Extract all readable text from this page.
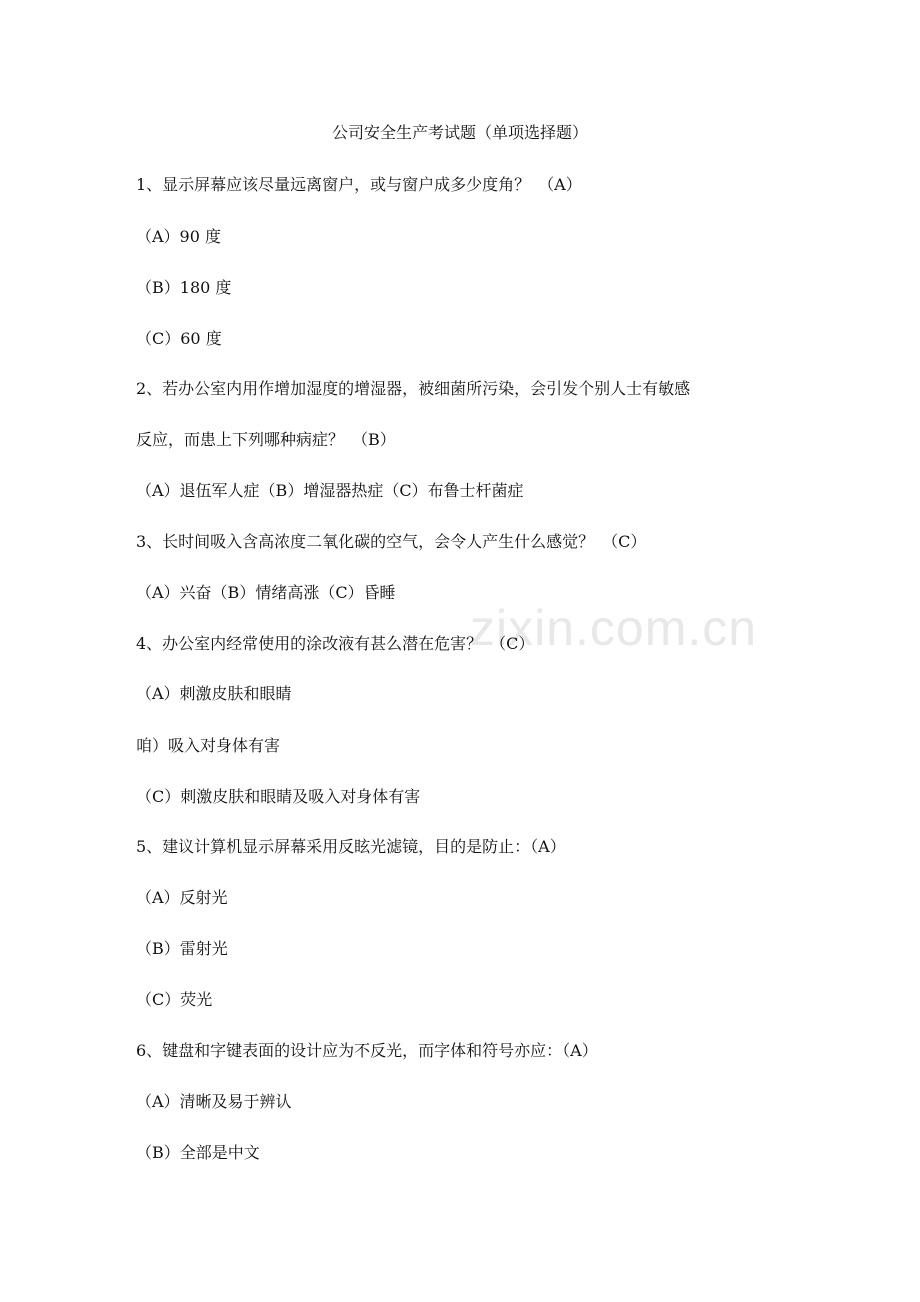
zixin.com.cn
公司安全生产考试题（单项选择题）
1、显示屏幕应该尽量远离窗户，或与窗户成多少度角？　（A）
（A）90 度
（B）180 度
（C）60 度
2、若办公室内用作增加湿度的增湿器，被细菌所污染，会引发个别人士有敏感
反应，而患上下列哪种病症？　（B）
（A）退伍军人症（B）增湿器热症（C）布鲁士杆菌症
3、长时间吸入含高浓度二氧化碳的空气，会令人产生什么感觉？　（C）
（A）兴奋（B）情绪高涨（C）昏睡
4、办公室内经常使用的涂改液有甚么潜在危害？　（C）
（A）刺激皮肤和眼睛
咱）吸入对身体有害
（C）刺激皮肤和眼睛及吸入对身体有害
5、建议计算机显示屏幕采用反眩光滤镜，目的是防止：（A）
（A）反射光
（B）雷射光
（C）荧光
6、键盘和字键表面的设计应为不反光，而字体和符号亦应：（A）
（A）清晰及易于辨认
（B）全部是中文
